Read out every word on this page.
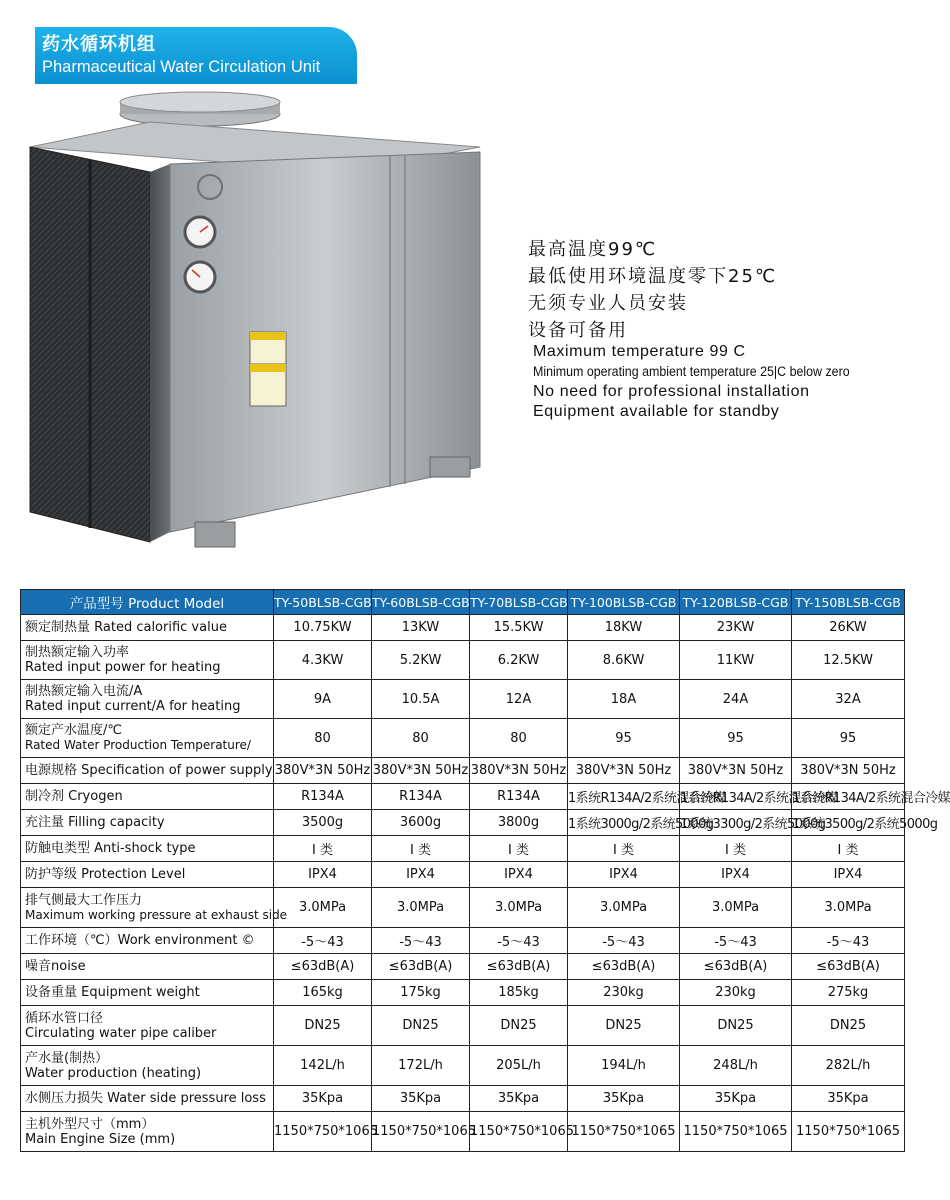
药水循环机组
Pharmaceutical Water Circulation Unit
最高温度99℃
最低使用环境温度零下25℃
无须专业人员安装
设备可备用
Maximum temperature 99 C
Minimum operating ambient temperature 25|C below zero
No need for professional installation
Equipment available for standby
产品型号 Product Model	TY-50BLSB-CGB	TY-60BLSB-CGB	TY-70BLSB-CGB	TY-100BLSB-CGB	TY-120BLSB-CGB	TY-150BLSB-CGB

额定制热量 Rated calorific value	10.75KW	13KW	15.5KW	18KW	23KW	26KW

制热额定输入功率
Rated input power for heating	4.3KW	5.2KW	6.2KW	8.6KW	11KW	12.5KW

制热额定输入电流/A
Rated input current/A for heating	9A	10.5A	12A	18A	24A	32A

额定产水温度/℃
Rated Water Production Temperature/	80	80	80	95	95	95

电源规格 Specification of power supply	380V*3N 50Hz	380V*3N 50Hz	380V*3N 50Hz	380V*3N 50Hz	380V*3N 50Hz	380V*3N 50Hz

制冷剂 Cryogen	R134A	R134A	R134A	1系统R134A/2系统混合冷媒	1系统R134A/2系统混合冷媒	1系统R134A/2系统混合冷媒

充注量 Filling capacity	3500g	3600g	3800g	1系统3000g/2系统5000g	1系统3300g/2系统5000g	1系统3500g/2系统5000g

防触电类型 Anti-shock type	I 类	I 类	I 类	I 类	I 类	I 类

防护等级 Protection Level	IPX4	IPX4	IPX4	IPX4	IPX4	IPX4

排气侧最大工作压力
Maximum working pressure at exhaust side	3.0MPa	3.0MPa	3.0MPa	3.0MPa	3.0MPa	3.0MPa

工作环境（℃）Work environment ©	-5～43	-5～43	-5～43	-5～43	-5～43	-5～43

噪音noise	≤63dB(A)	≤63dB(A)	≤63dB(A)	≤63dB(A)	≤63dB(A)	≤63dB(A)

设备重量 Equipment weight	165kg	175kg	185kg	230kg	230kg	275kg

循环水管口径
Circulating water pipe caliber	DN25	DN25	DN25	DN25	DN25	DN25

产水量(制热）
Water production (heating)	142L/h	172L/h	205L/h	194L/h	248L/h	282L/h

水侧压力损失 Water side pressure loss	35Kpa	35Kpa	35Kpa	35Kpa	35Kpa	35Kpa

主机外型尺寸（mm）
Main Engine Size (mm)	1150*750*1065	1150*750*1065	1150*750*1065	1150*750*1065	1150*750*1065	1150*750*1065
